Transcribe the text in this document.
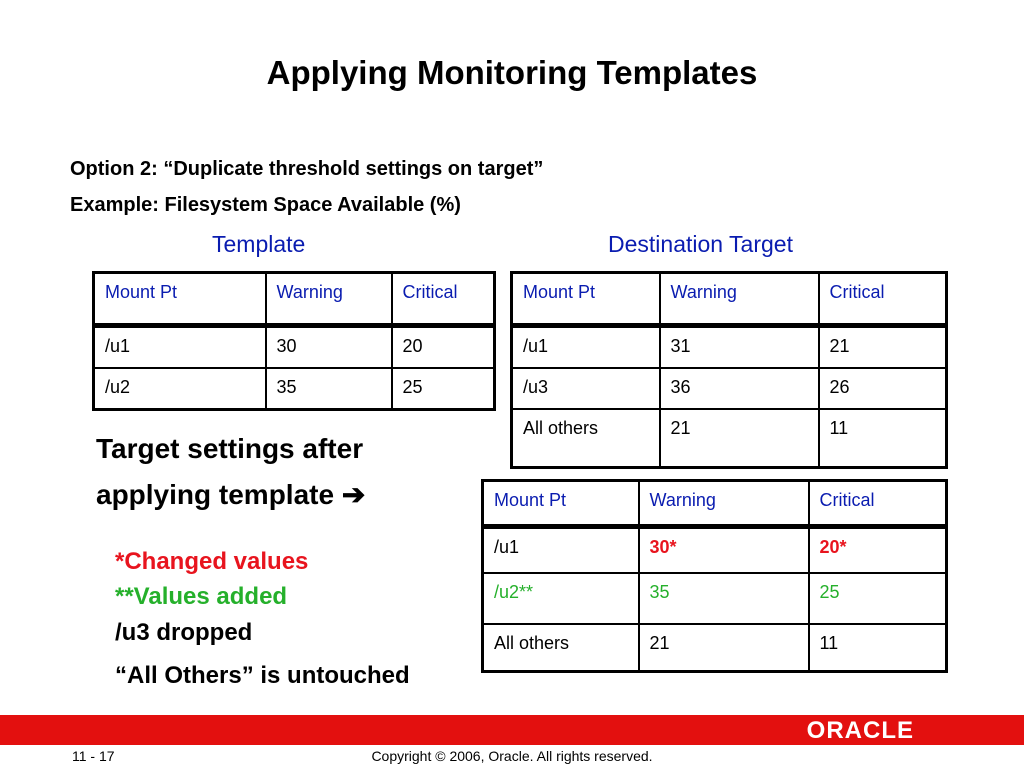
Applying Monitoring Templates
Option 2: “Duplicate threshold settings on target”
Example: Filesystem Space Available (%)
Template	Destination Target
Mount Pt	Warning	Critical
/u1	30	20
/u2	35	25
Mount Pt	Warning	Critical
/u1	31	21
/u3	36	26
All others	21	11
Target settings after
applying template ➔
*Changed values
**Values added
/u3 dropped
“All Others” is untouched
Mount Pt	Warning	Critical
/u1	30*	20*
/u2**	35	25
All others	21	11
ORACLE
Copyright © 2006, Oracle. All rights reserved.
11 - 17
